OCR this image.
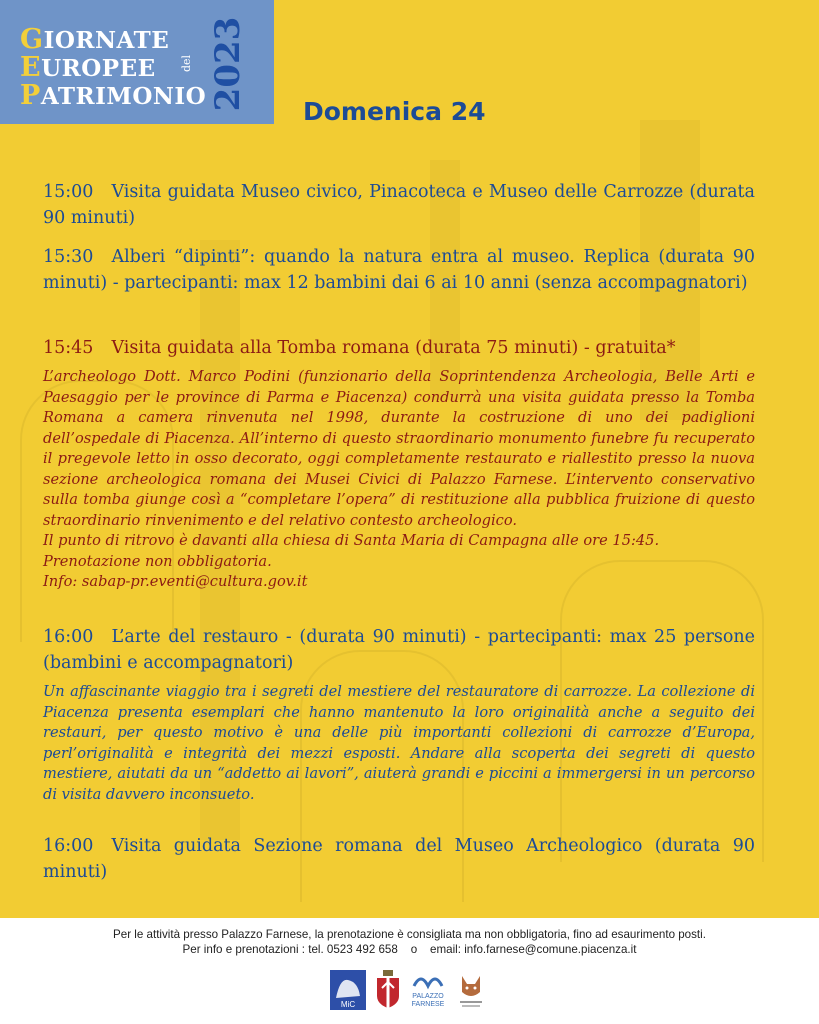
GIORNATE
EUROPEE
PATRIMONIO
del 2023
Domenica 24
15:00 Visita guidata Museo civico, Pinacoteca e Museo delle Carrozze (durata 90 minuti)
15:30 Alberi “dipinti”: quando la natura entra al museo. Replica (durata 90 minuti) - partecipanti: max 12 bambini dai 6 ai 10 anni (senza accompagnatori)
15:45 Visita guidata alla Tomba romana (durata 75 minuti) - gratuita*

L’archeologo Dott. Marco Podini (funzionario della Soprintendenza Archeologia, Belle Arti e Paesaggio per le province di Parma e Piacenza) condurrà una visita guidata presso la Tomba Romana a camera rinvenuta nel 1998, durante la costruzione di uno dei padiglioni dell’ospedale di Piacenza. All’interno di questo straordinario monumento funebre fu recuperato il pregevole letto in osso decorato, oggi completamente restaurato e riallestito presso la nuova sezione archeologica romana dei Musei Civici di Palazzo Farnese. L’intervento conservativo sulla tomba giunge così a “completare l’opera” di restituzione alla pubblica fruizione di questo straordinario rinvenimento e del relativo contesto archeologico.

Il punto di ritrovo è davanti alla chiesa di Santa Maria di Campagna alle ore 15:45.

Prenotazione non obbligatoria.

Info: sabap-pr.eventi@cultura.gov.it

16:00 L’arte del restauro - (durata 90 minuti) - partecipanti: max 25 persone (bambini e accompagnatori)

Un affascinante viaggio tra i segreti del mestiere del restauratore di carrozze. La collezione di Piacenza presenta esemplari che hanno mantenuto la loro originalità anche a seguito dei restauri, per questo motivo è una delle più importanti collezioni di carrozze d’Europa, perl’originalità e integrità dei mezzi esposti. Andare alla scoperta dei segreti di questo mestiere, aiutati da un “addetto ai lavori”, aiuterà grandi e piccini a immergersi in un percorso di visita davvero inconsueto.

16:00 Visita guidata Sezione romana del Museo Archeologico (durata 90 minuti)
Per le attività presso Palazzo Farnese, la prenotazione è consigliata ma non obbligatoria, fino ad esaurimento posti.
Per info e prenotazioni : tel. 0523 492 658    o    email: info.farnese@comune.piacenza.it
MiC
PALAZZO
FARNESE
